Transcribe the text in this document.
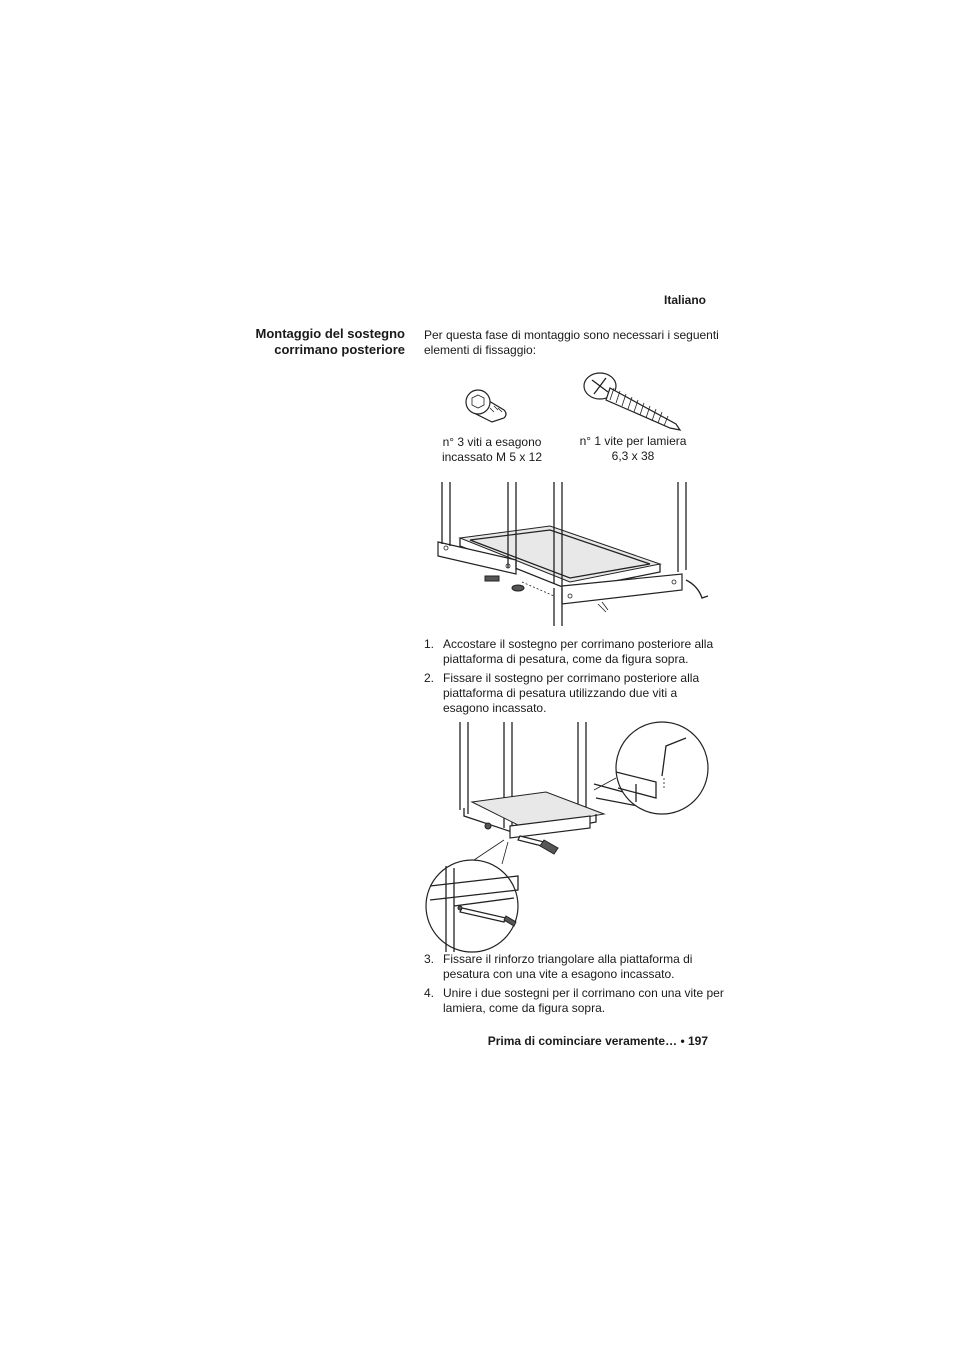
Italiano
Montaggio del sostegno corrimano posteriore
Per questa fase di montaggio sono necessari i seguenti elementi di fissaggio:
n° 3 viti a esagono
incassato M 5 x 12
n° 1 vite per lamiera
6,3 x 38
1. Accostare il sostegno per corrimano posteriore alla piattaforma di pesatura, come da figura sopra.
2. Fissare il sostegno per corrimano posteriore alla piattaforma di pesatura utilizzando due viti a esagono incassato.
3. Fissare il rinforzo triangolare alla piattaforma di pesatura con una vite a esagono incassato.
4. Unire i due sostegni per il corrimano con una vite per lamiera, come da figura sopra.
Prima di cominciare veramente… • 197
